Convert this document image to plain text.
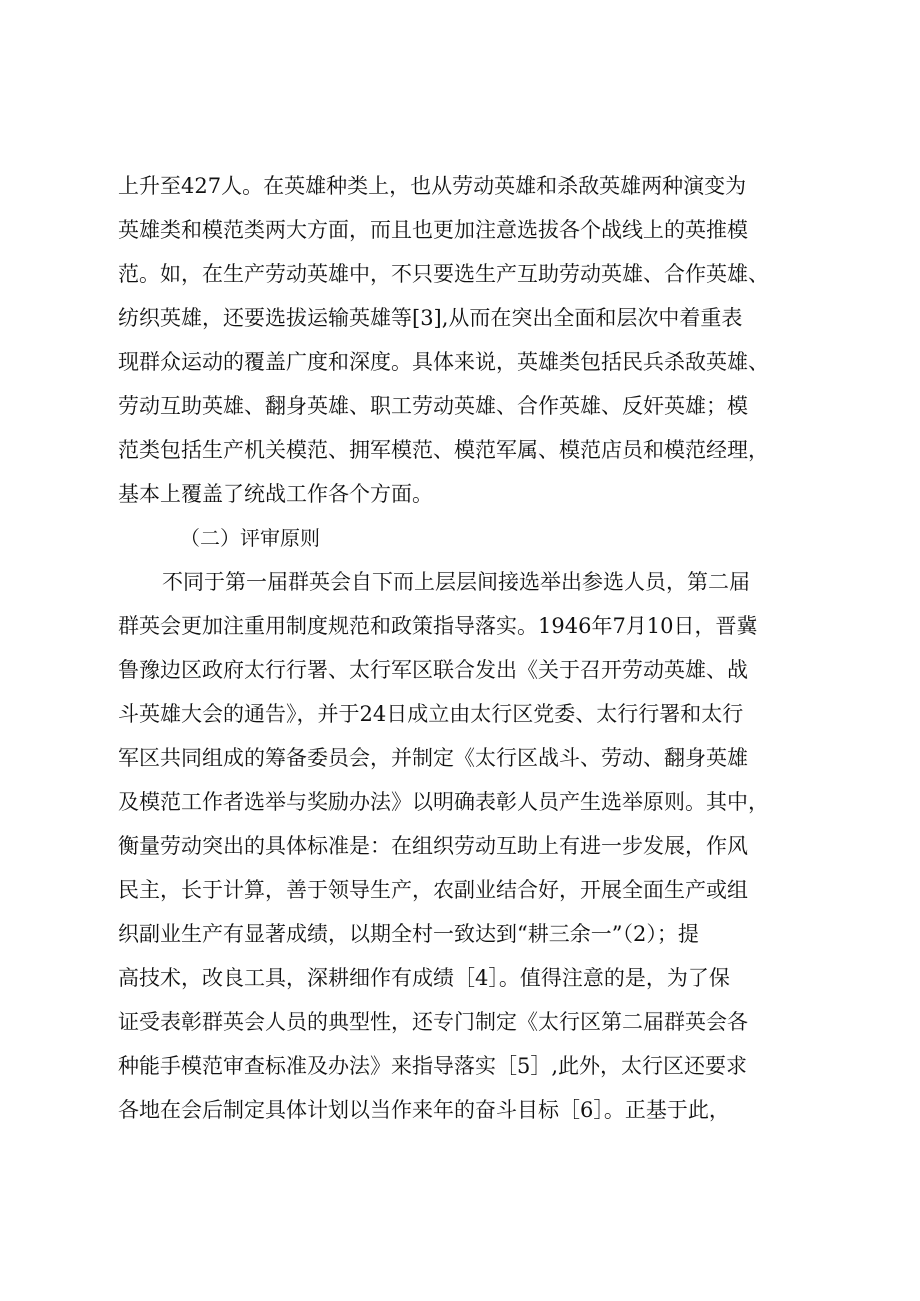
上升至427人。在英雄种类上，也从劳动英雄和杀敌英雄两种演变为
英雄类和模范类两大方面，而且也更加注意选拔各个战线上的英推模
范。如，在生产劳动英雄中，不只要选生产互助劳动英雄、合作英雄、
纺织英雄，还要选拔运输英雄等[3],从而在突出全面和层次中着重表
现群众运动的覆盖广度和深度。具体来说，英雄类包括民兵杀敌英雄、
劳动互助英雄、翻身英雄、职工劳动英雄、合作英雄、反奸英雄；模
范类包括生产机关模范、拥军模范、模范军属、模范店员和模范经理，
基本上覆盖了统战工作各个方面。
（二）评审原则
不同于第一届群英会自下而上层层间接选举出参选人员，第二届
群英会更加注重用制度规范和政策指导落实。1946年7月10日，晋冀
鲁豫边区政府太行行署、太行军区联合发出《关于召开劳动英雄、战
斗英雄大会的通告》，并于24日成立由太行区党委、太行行署和太行
军区共同组成的筹备委员会，并制定《太行区战斗、劳动、翻身英雄
及模范工作者选举与奖励办法》以明确表彰人员产生选举原则。其中，
衡量劳动突出的具体标准是：在组织劳动互助上有进一步发展，作风
民主，长于计算，善于领导生产，农副业结合好，开展全面生产或组
织副业生产有显著成绩，以期全村一致达到“耕三余一”（2）；提
高技术，改良工具，深耕细作有成绩［4］。值得注意的是，为了保
证受表彰群英会人员的典型性，还专门制定《太行区第二届群英会各
种能手模范审查标准及办法》来指导落实［5］,此外，太行区还要求
各地在会后制定具体计划以当作来年的奋斗目标［6］。正基于此，
